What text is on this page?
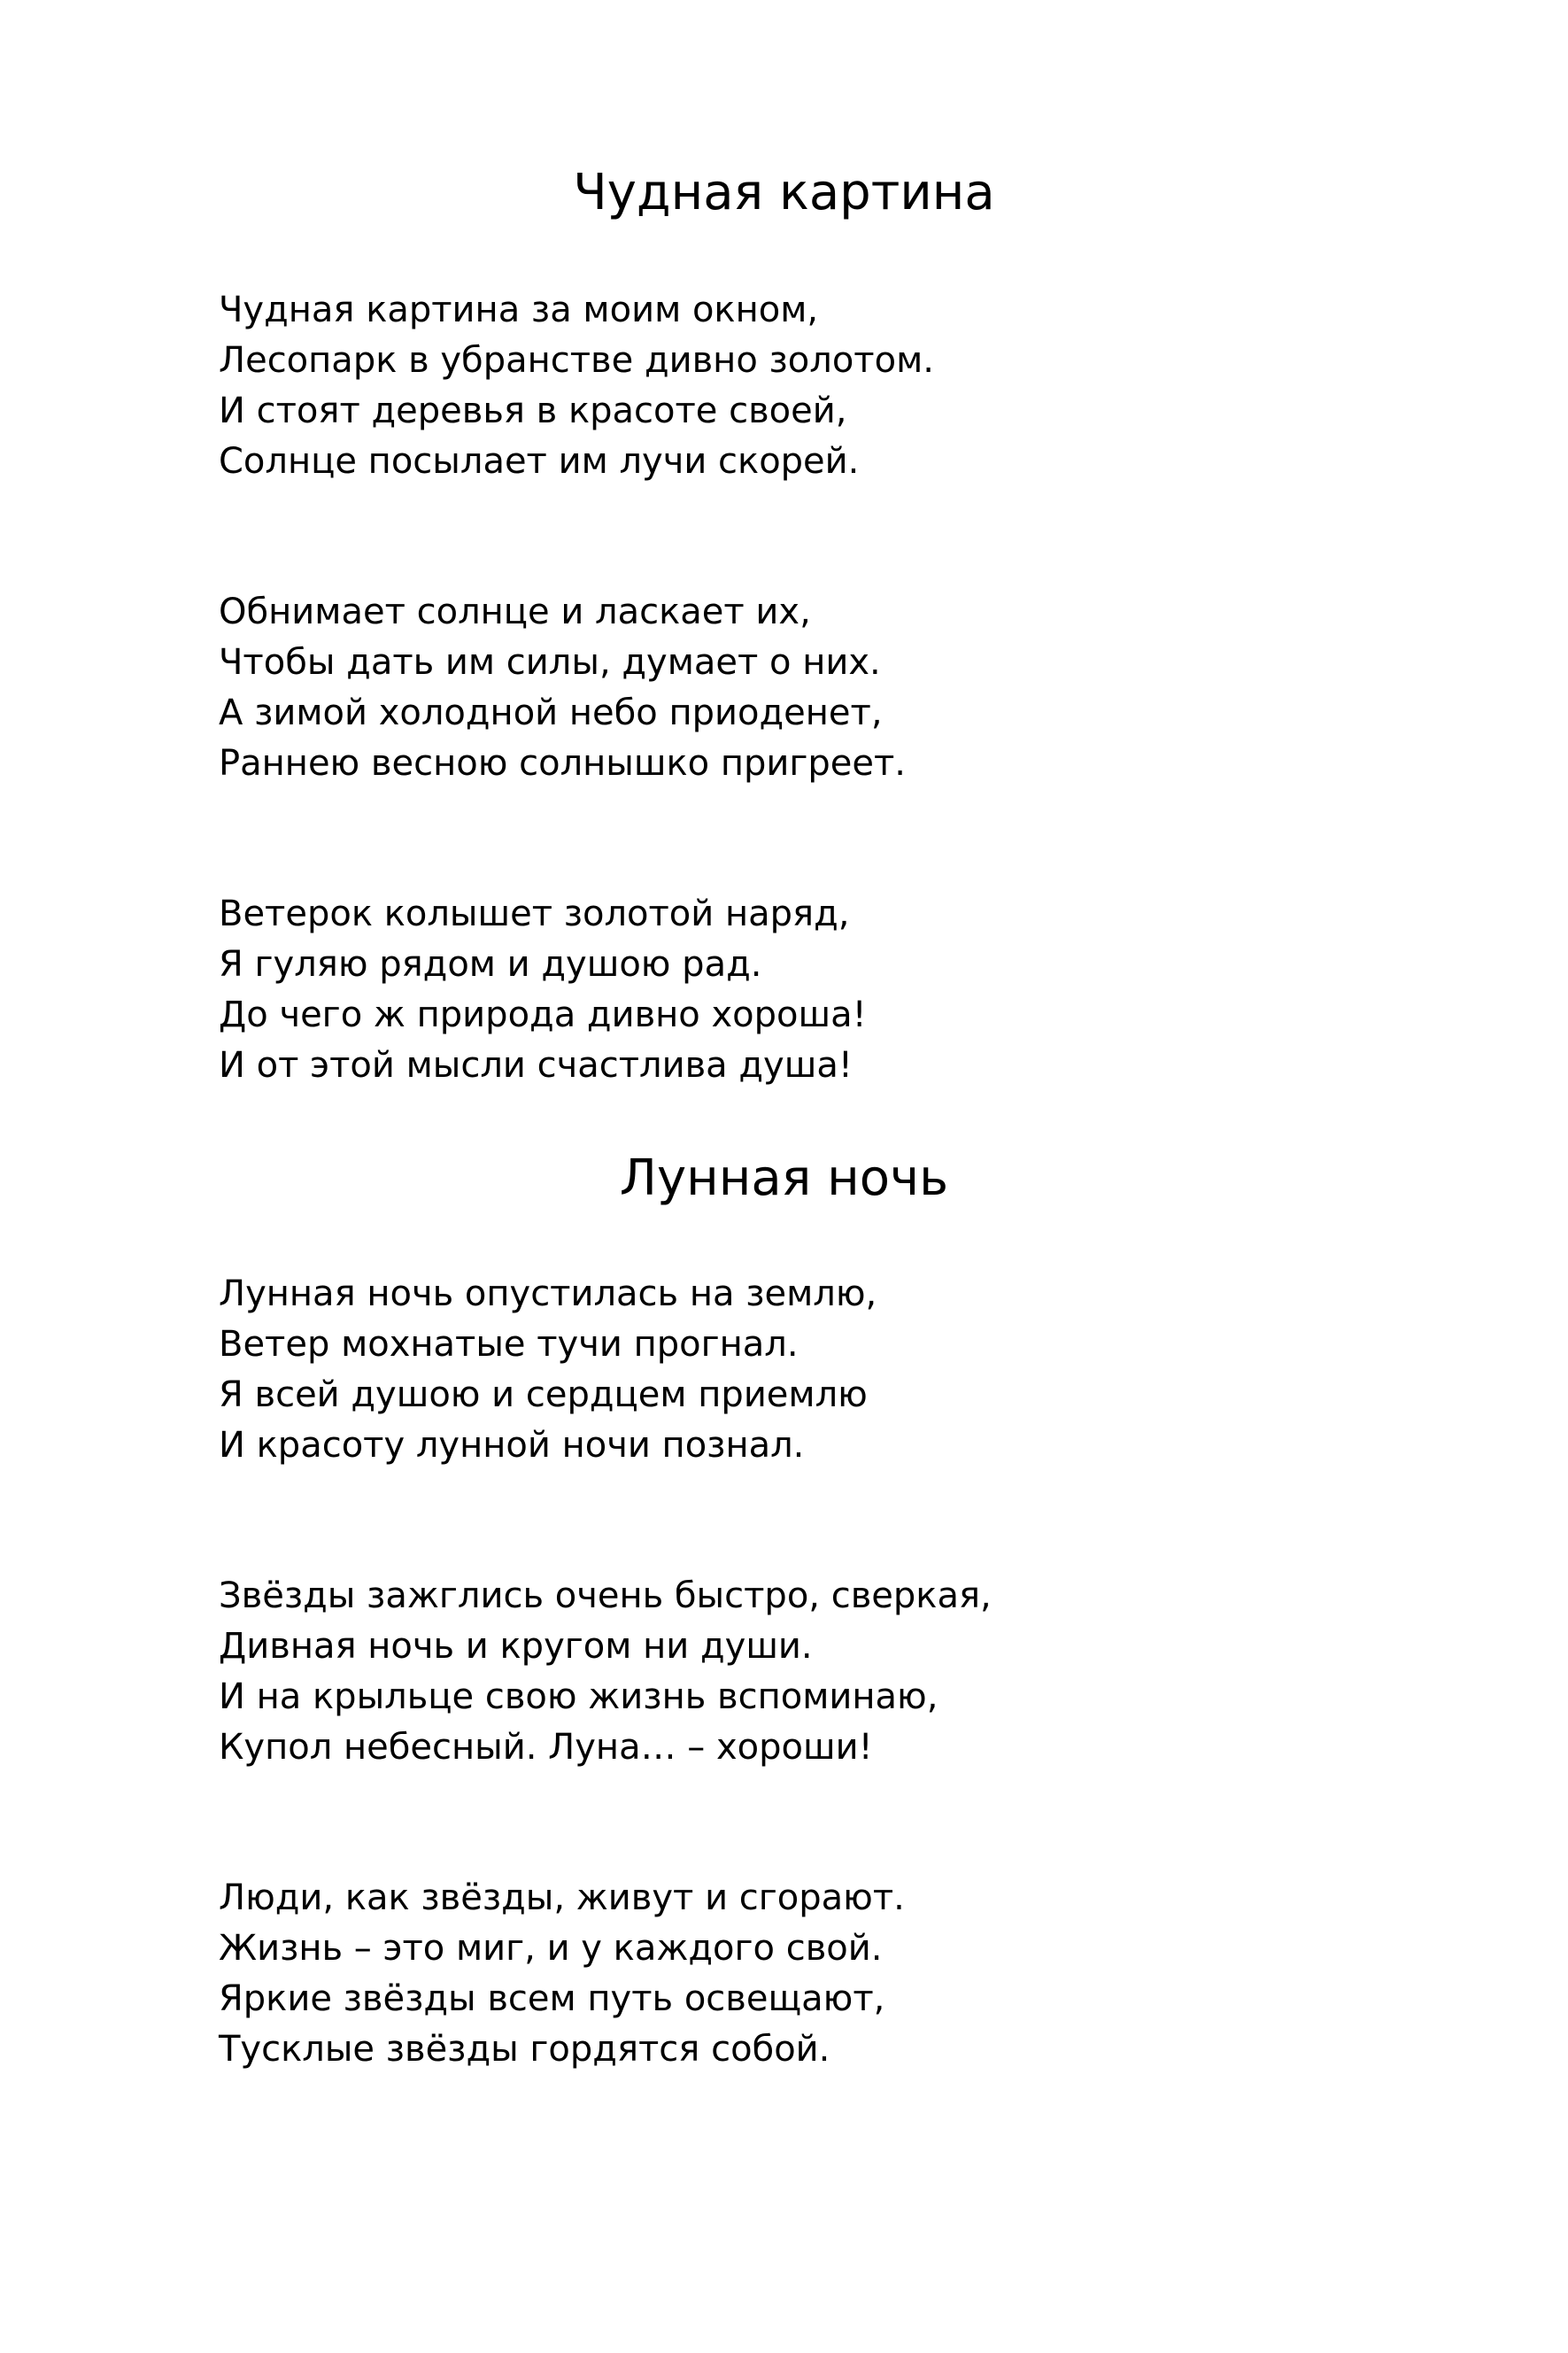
Чудная картина
Чудная картина за моим окном,
Лесопарк в убранстве дивно золотом.
И стоят деревья в красоте своей,
Солнце посылает им лучи скорей.
Обнимает солнце и ласкает их,
Чтобы дать им силы, думает о них.
А зимой холодной небо приоденет,
Раннею весною солнышко пригреет.
Ветерок колышет золотой наряд,
Я гуляю рядом и душою рад.
До чего ж природа дивно хороша!
И от этой мысли счастлива душа!
Лунная ночь
Лунная ночь опустилась на землю,
Ветер мохнатые тучи прогнал.
Я всей душою и сердцем приемлю
И красоту лунной ночи познал.
Звёзды зажглись очень быстро, сверкая,
Дивная ночь и кругом ни души.
И на крыльце свою жизнь вспоминаю,
Купол небесный. Луна… – хороши!
Люди, как звёзды, живут и сгорают.
Жизнь – это миг, и у каждого свой.
Яркие звёзды всем путь освещают,
Тусклые звёзды гордятся собой.
